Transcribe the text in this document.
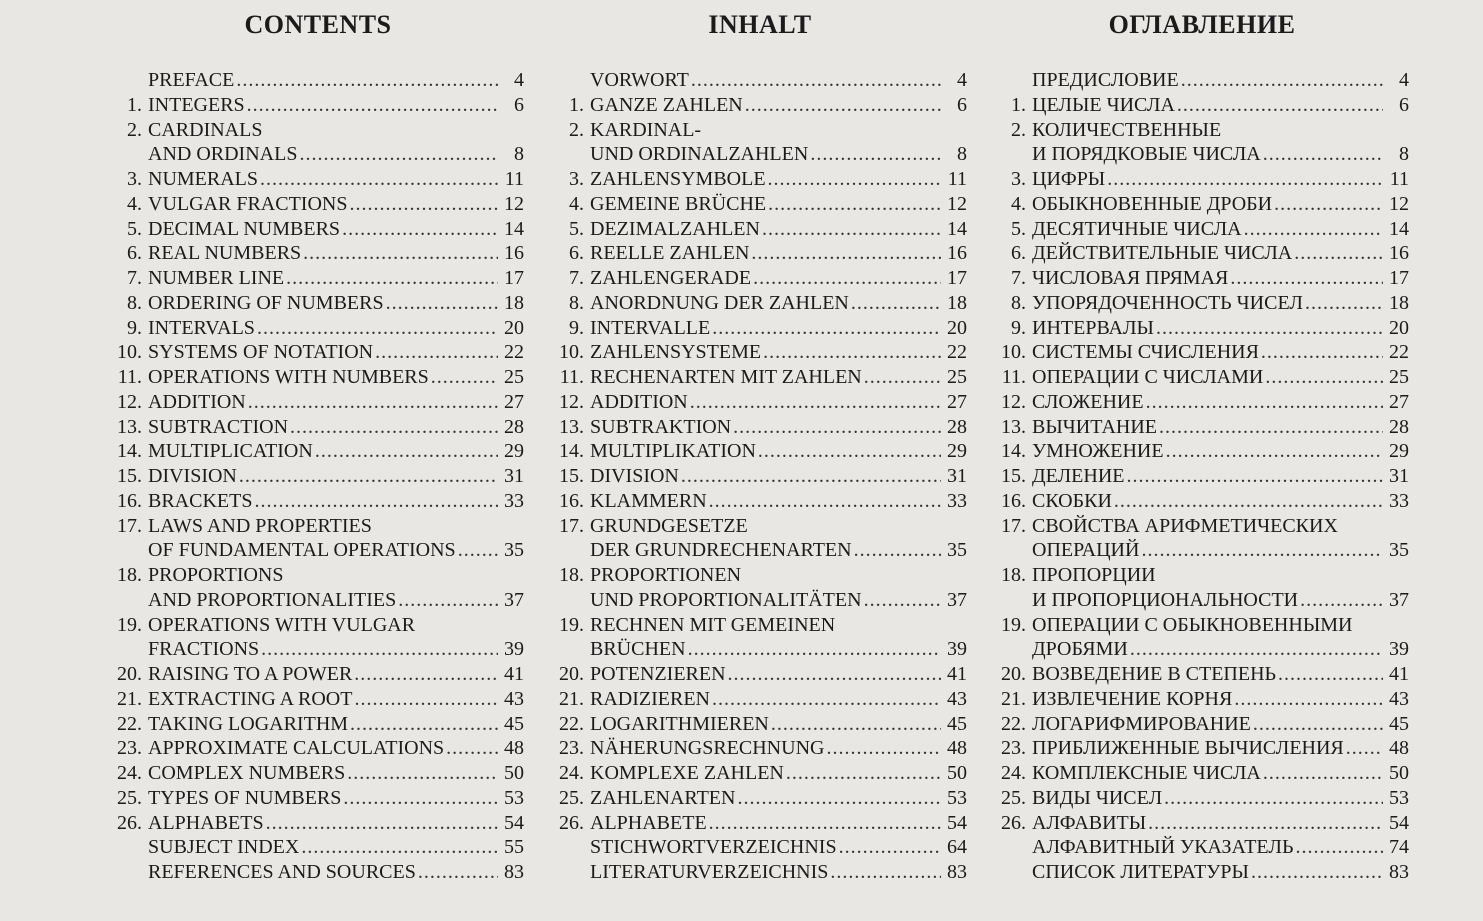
CONTENTS
PREFACE .....	4
1. INTEGERS .....	6
2. CARDINALS
AND ORDINALS .....	8
3. NUMERALS .....	11
4. VULGAR FRACTIONS .....	12
5. DECIMAL NUMBERS .....	14
6. REAL NUMBERS .....	16
7. NUMBER LINE .....	17
8. ORDERING OF NUMBERS .....	18
9. INTERVALS .....	20
10. SYSTEMS OF NOTATION .....	22
11. OPERATIONS WITH NUMBERS .....	25
12. ADDITION .....	27
13. SUBTRACTION .....	28
14. MULTIPLICATION .....	29
15. DIVISION .....	31
16. BRACKETS .....	33
17. LAWS AND PROPERTIES
OF FUNDAMENTAL OPERATIONS ..... 35
18. PROPORTIONS
AND PROPORTIONALITIES .....	37
19. OPERATIONS WITH VULGAR
FRACTIONS .....	39
20. RAISING TO A POWER .....	41
21. EXTRACTING A ROOT .....	43
22. TAKING LOGARITHM .....	45
23. APPROXIMATE CALCULATIONS .....	48
24. COMPLEX NUMBERS .....	50
25. TYPES OF NUMBERS .....	53
26. ALPHABETS .....	54
SUBJECT INDEX .....	55
REFERENCES AND SOURCES .....	83
INHALT
VORWORT .....	4
1. GANZE ZAHLEN .....	6
2. KARDINAL-
UND ORDINALZAHLEN .....	8
3. ZAHLENSYMBOLE .....	11
4. GEMEINE BRÜCHE .....	12
5. DEZIMALZAHLEN .....	14
6. REELLE ZAHLEN .....	16
7. ZAHLENGERADE .....	17
8. ANORDNUNG DER ZAHLEN .....	18
9. INTERVALLE .....	20
10. ZAHLENSYSTEME .....	22
11. RECHENARTEN MIT ZAHLEN .....	25
12. ADDITION .....	27
13. SUBTRAKTION .....	28
14. MULTIPLIKATION .....	29
15. DIVISION .....	31
16. KLAMMERN .....	33
17. GRUNDGESETZE
DER GRUNDRECHENARTEN .....	35
18. PROPORTIONEN
UND PROPORTIONALITÄTEN .....	37
19. RECHNEN MIT GEMEINEN
BRÜCHEN .....	39
20. POTENZIEREN .....	41
21. RADIZIEREN .....	43
22. LOGARITHMIEREN .....	45
23. NÄHERUNGSRECHNUNG .....	48
24. KOMPLEXE ZAHLEN .....	50
25. ZAHLENARTEN .....	53
26. ALPHABETE .....	54
STICHWORTVERZEICHNIS .....	64
LITERATURVERZEICHNIS .....	83
ОГЛАВЛЕНИЕ
ПРЕДИСЛОВИЕ .....	4
1. ЦЕЛЫЕ ЧИСЛА .....	6
2. КОЛИЧЕСТВЕННЫЕ
И ПОРЯДКОВЫЕ ЧИСЛА .....	8
3. ЦИФРЫ .....	11
4. ОБЫКНОВЕННЫЕ ДРОБИ .....	12
5. ДЕСЯТИЧНЫЕ ЧИСЛА .....	14
6. ДЕЙСТВИТЕЛЬНЫЕ ЧИСЛА .....	16
7. ЧИСЛОВАЯ ПРЯМАЯ .....	17
8. УПОРЯДОЧЕННОСТЬ ЧИСЕЛ .....	18
9. ИНТЕРВАЛЫ .....	20
10. СИСТЕМЫ СЧИСЛЕНИЯ .....	22
11. ОПЕРАЦИИ С ЧИСЛАМИ .....	25
12. СЛОЖЕНИЕ .....	27
13. ВЫЧИТАНИЕ .....	28
14. УМНОЖЕНИЕ .....	29
15. ДЕЛЕНИЕ .....	31
16. СКОБКИ .....	33
17. СВОЙСТВА АРИФМЕТИЧЕСКИХ
ОПЕРАЦИЙ .....	35
18. ПРОПОРЦИИ
И ПРОПОРЦИОНАЛЬНОСТИ .....	37
19. ОПЕРАЦИИ С ОБЫКНОВЕННЫМИ
ДРОБЯМИ .....	39
20. ВОЗВЕДЕНИЕ В СТЕПЕНЬ .....	41
21. ИЗВЛЕЧЕНИЕ КОРНЯ .....	43
22. ЛОГАРИФМИРОВАНИЕ .....	45
23. ПРИБЛИЖЕННЫЕ ВЫЧИСЛЕНИЯ ..... 48
24. КОМПЛЕКСНЫЕ ЧИСЛА .....	50
25. ВИДЫ ЧИСЕЛ .....	53
26. АЛФАВИТЫ .....	54
АЛФАВИТНЫЙ УКАЗАТЕЛЬ .....	74
СПИСОК ЛИТЕРАТУРЫ .....	83
